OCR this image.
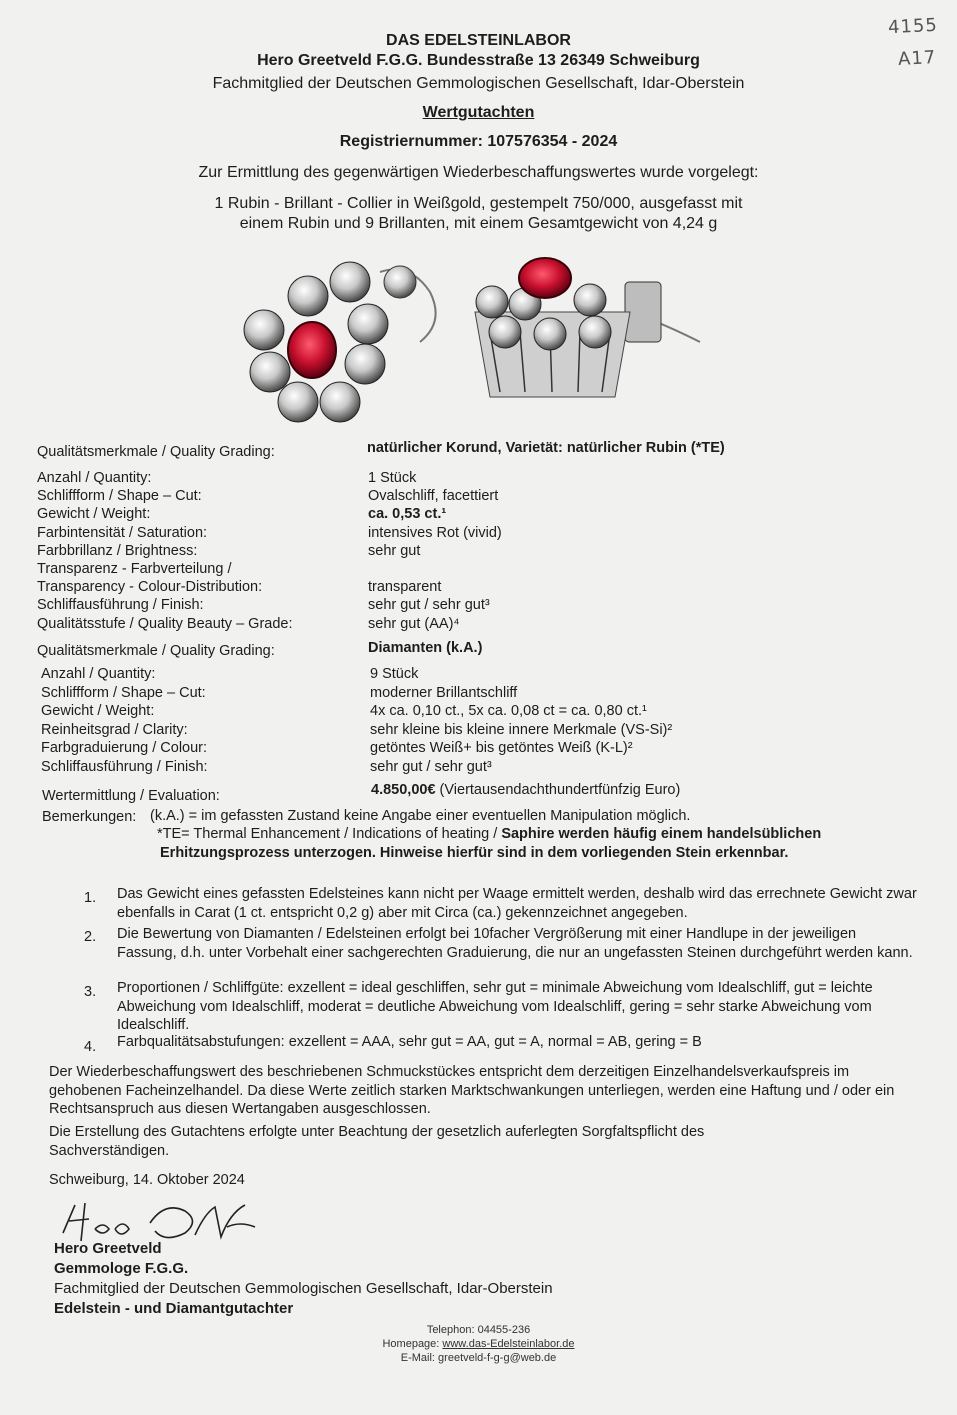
4155
A17
DAS EDELSTEINLABOR
Hero Greetveld F.G.G. Bundesstraße 13 26349 Schweiburg
Fachmitglied der Deutschen Gemmologischen Gesellschaft, Idar-Oberstein
Wertgutachten
Registriernummer: 107576354 - 2024
Zur Ermittlung des gegenwärtigen Wiederbeschaffungswertes wurde vorgelegt:
1 Rubin - Brillant - Collier in Weißgold, gestempelt 750/000, ausgefasst mit
einem Rubin und 9 Brillanten, mit einem Gesamtgewicht von 4,24 g
Qualitätsmerkmale / Quality Grading:	natürlicher Korund, Varietät: natürlicher Rubin (*TE)
Anzahl / Quantity:	1 Stück
Schliffform / Shape – Cut:	Ovalschliff, facettiert
Gewicht / Weight:	ca. 0,53 ct.¹
Farbintensität / Saturation:	intensives Rot (vivid)
Farbbrillanz / Brightness:	sehr gut
Transparenz - Farbverteilung /
Transparency - Colour-Distribution:	transparent
Schliffausführung / Finish:	sehr gut / sehr gut³
Qualitätsstufe / Quality Beauty – Grade:	sehr gut (AA)⁴
Qualitätsmerkmale / Quality Grading:	Diamanten (k.A.)
Anzahl / Quantity:	9 Stück
Schliffform / Shape – Cut:	moderner Brillantschliff
Gewicht / Weight:	4x ca. 0,10 ct., 5x ca. 0,08 ct = ca. 0,80 ct.¹
Reinheitsgrad / Clarity:	sehr kleine bis kleine innere Merkmale (VS-Si)²
Farbgraduierung / Colour:	getöntes Weiß+ bis getöntes Weiß (K-L)²
Schliffausführung / Finish:	sehr gut / sehr gut³
Wertermittlung / Evaluation:	4.850,00€ (Viertausendachthundertfünfzig Euro)
Bemerkungen: (k.A.) = im gefassten Zustand keine Angabe einer eventuellen Manipulation möglich.
*TE= Thermal Enhancement / Indications of heating / Saphire werden häufig einem handelsüblichen
Erhitzungsprozess unterzogen. Hinweise hierfür sind in dem vorliegenden Stein erkennbar.
1. Das Gewicht eines gefassten Edelsteines kann nicht per Waage ermittelt werden, deshalb wird das errechnete Gewicht zwar ebenfalls in Carat (1 ct. entspricht 0,2 g) aber mit Circa (ca.) gekennzeichnet angegeben.
2. Die Bewertung von Diamanten / Edelsteinen erfolgt bei 10facher Vergrößerung mit einer Handlupe in der jeweiligen Fassung, d.h. unter Vorbehalt einer sachgerechten Graduierung, die nur an ungefassten Steinen durchgeführt werden kann.
3. Proportionen / Schliffgüte: exzellent = ideal geschliffen, sehr gut = minimale Abweichung vom Idealschliff, gut = leichte Abweichung vom Idealschliff, moderat = deutliche Abweichung vom Idealschliff, gering = sehr starke Abweichung vom Idealschliff.
4. Farbqualitätsabstufungen: exzellent = AAA, sehr gut = AA, gut = A, normal = AB, gering = B
Der Wiederbeschaffungswert des beschriebenen Schmuckstückes entspricht dem derzeitigen Einzelhandelsverkaufspreis im gehobenen Facheinzelhandel. Da diese Werte zeitlich starken Marktschwankungen unterliegen, werden eine Haftung und / oder ein Rechtsanspruch aus diesen Wertangaben ausgeschlossen.
Die Erstellung des Gutachtens erfolgte unter Beachtung der gesetzlich auferlegten Sorgfaltspflicht des Sachverständigen.
Schweiburg, 14. Oktober 2024
Hero Greetveld
Gemmologe F.G.G.
Fachmitglied der Deutschen Gemmologischen Gesellschaft, Idar-Oberstein
Edelstein - und Diamantgutachter
Telephon: 04455-236
Homepage: www.das-Edelsteinlabor.de
E-Mail: greetveld-f-g-g@web.de
